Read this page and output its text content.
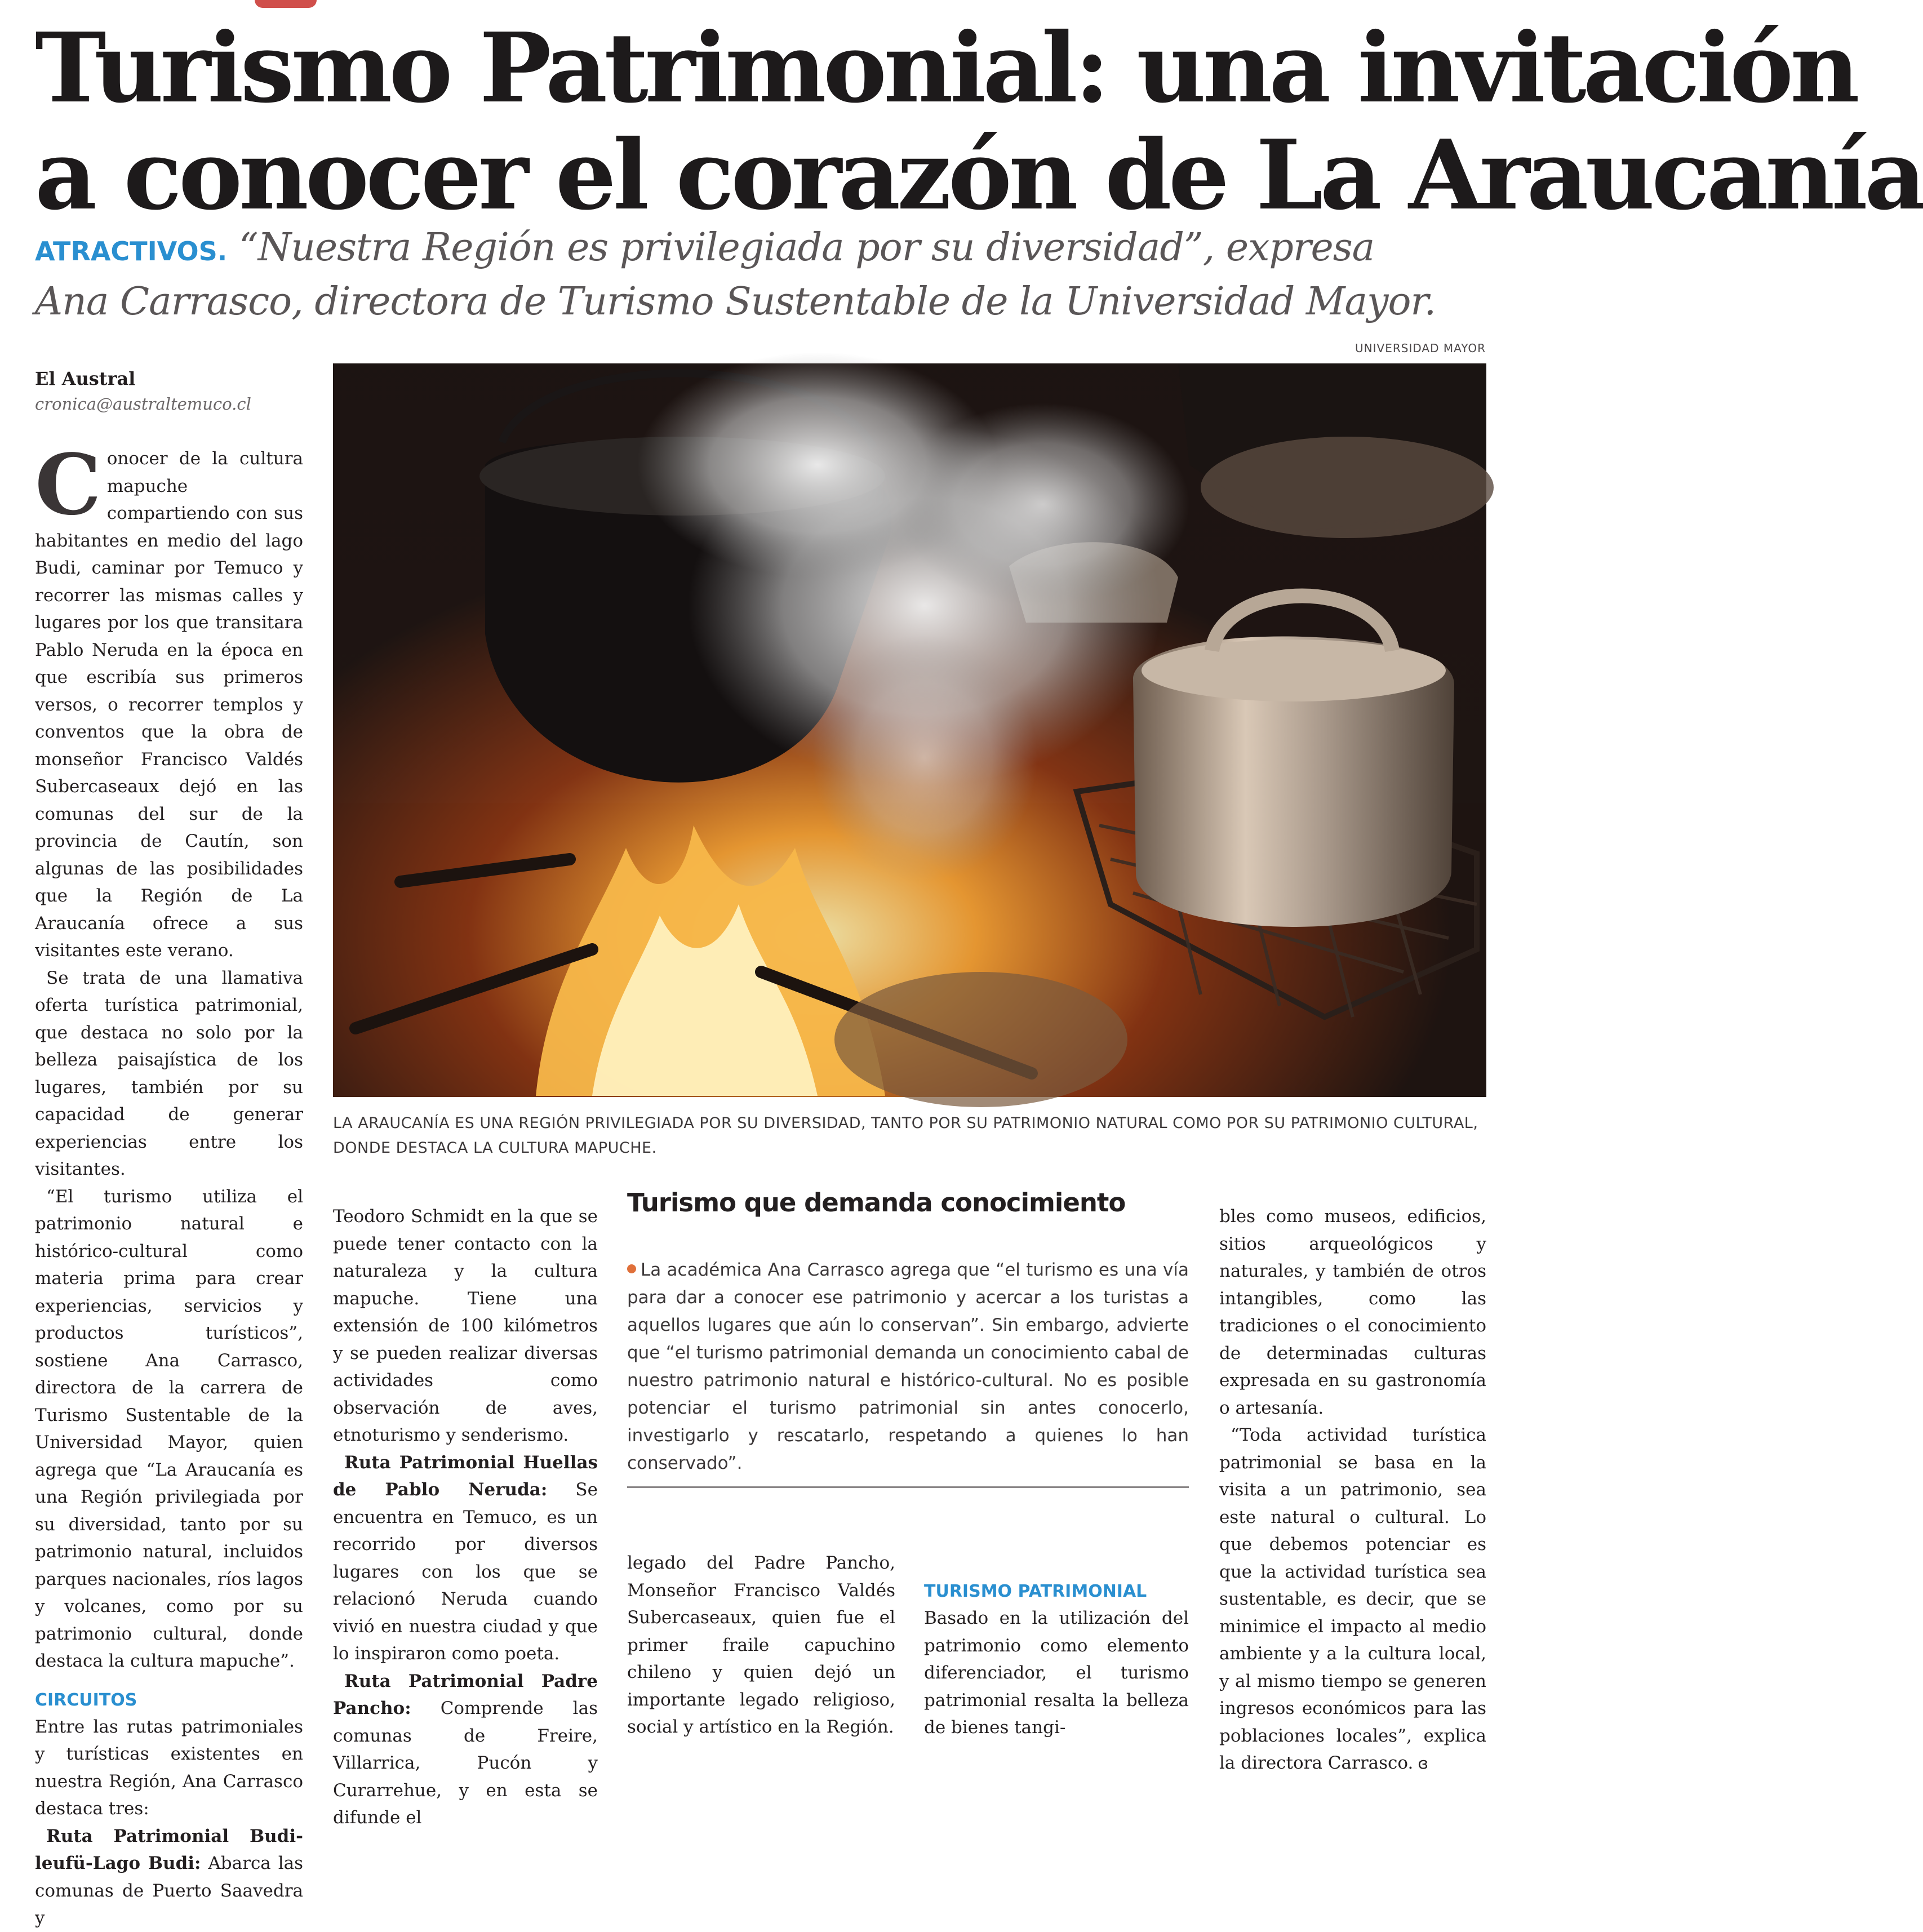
Turismo Patrimonial: una invitación
a conocer el corazón de La Araucanía
ATRACTIVOS. “Nuestra Región es privilegiada por su diversidad”, expresa Ana Carrasco, directora de Turismo Sustentable de la Universidad Mayor.
UNIVERSIDAD MAYOR
LA ARAUCANÍA ES UNA REGIÓN PRIVILEGIADA POR SU DIVERSIDAD, TANTO POR SU PATRIMONIO NATURAL COMO POR SU PATRIMONIO CULTURAL, DONDE DESTACA LA CULTURA MAPUCHE.
El Austral
cronica@australtemuco.cl

Conocer de la cultura mapuche compartiendo con sus habitantes en medio del lago Budi, caminar por Temuco y recorrer las mismas calles y lugares por los que transitara Pablo Neruda en la época en que escribía sus primeros versos, o recorrer templos y conventos que la obra de monseñor Francisco Valdés Subercaseaux dejó en las comunas del sur de la provincia de Cautín, son algunas de las posibilidades que la Región de La Araucanía ofrece a sus visitantes este verano.

Se trata de una llamativa oferta turística patrimonial, que destaca no solo por la belleza paisajística de los lugares, también por su capacidad de generar experiencias entre los visitantes.

“El turismo utiliza el patrimonio natural e histórico-cultural como materia prima para crear experiencias, servicios y productos turísticos”, sostiene Ana Carrasco, directora de la carrera de Turismo Sustentable de la Universidad Mayor, quien agrega que “La Araucanía es una Región privilegiada por su diversidad, tanto por su patrimonio natural, incluidos parques nacionales, ríos lagos y volcanes, como por su patrimonio cultural, donde destaca la cultura mapuche”.

CIRCUITOS

Entre las rutas patrimoniales y turísticas existentes en nuestra Región, Ana Carrasco destaca tres:

Ruta Patrimonial Budi-leufü-Lago Budi: Abarca las comunas de Puerto Saavedra y

Teodoro Schmidt en la que se puede tener contacto con la naturaleza y la cultura mapuche. Tiene una extensión de 100 kilómetros y se pueden realizar diversas actividades como observación de aves, etnoturismo y senderismo.

Ruta Patrimonial Huellas de Pablo Neruda: Se encuentra en Temuco, es un recorrido por diversos lugares con los que se relacionó Neruda cuando vivió en nuestra ciudad y que lo inspiraron como poeta.

Ruta Patrimonial Padre Pancho: Comprende las comunas de Freire, Villarrica, Pucón y Curarrehue, y en esta se difunde el

Turismo que demanda conocimiento
La académica Ana Carrasco agrega que “el turismo es una vía para dar a conocer ese patrimonio y acercar a los turistas a aquellos lugares que aún lo conservan”. Sin embargo, advierte que “el turismo patrimonial demanda un conocimiento cabal de nuestro patrimonio natural e histórico-cultural. No es posible potenciar el turismo patrimonial sin antes conocerlo, investigarlo y rescatarlo, respetando a quienes lo han conservado”.

legado del Padre Pancho, Monseñor Francisco Valdés Subercaseaux, quien fue el primer fraile capuchino chileno y quien dejó un importante legado religioso, social y artístico en la Región.

TURISMO PATRIMONIAL

Basado en la utilización del patrimonio como elemento diferenciador, el turismo patrimonial resalta la belleza de bienes tangi-

bles como museos, edificios, sitios arqueológicos y naturales, y también de otros intangibles, como las tradiciones o el conocimiento de determinadas culturas expresada en su gastronomía o artesanía.

“Toda actividad turística patrimonial se basa en la visita a un patrimonio, sea este natural o cultural. Lo que debemos potenciar es que la actividad turística sea sustentable, es decir, que se minimice el impacto al medio ambiente y a la cultura local, y al mismo tiempo se generen ingresos económicos para las poblaciones locales”, explica la directora Carrasco. ɞ
